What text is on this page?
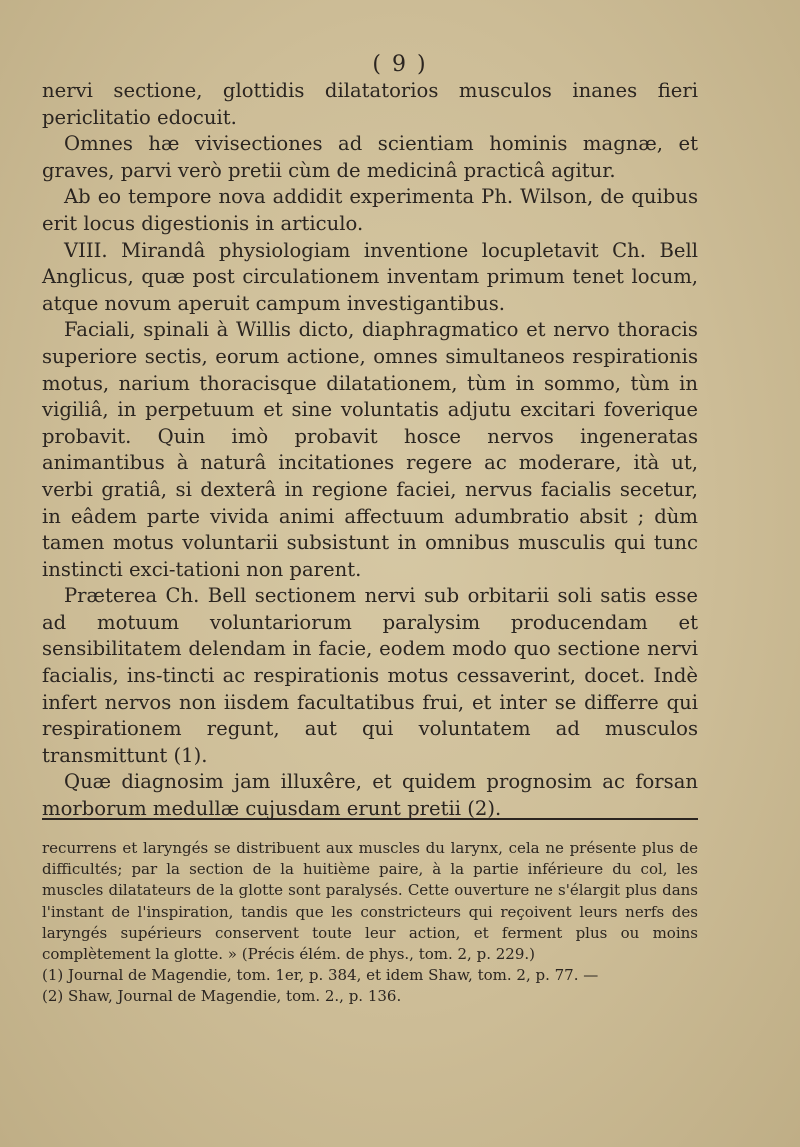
( 9 )

nervi sectione, glottidis dilatatorios musculos inanes fieri periclitatio edocuit.

Omnes hæ vivisectiones ad scientiam hominis magnæ, et graves, parvi verò pretii cùm de medicinâ practicâ agitur.

Ab eo tempore nova addidit experimenta Ph. Wilson, de quibus erit locus digestionis in articulo.

VIII. Mirandâ physiologiam inventione locupletavit Ch. Bell Anglicus, quæ post circulationem inventam primum tenet locum, atque novum aperuit campum investigantibus.

Faciali, spinali à Willis dicto, diaphragmatico et nervo thoracis superiore sectis, eorum actione, omnes simultaneos respirationis motus, narium thoracisque dilatationem, tùm in sommo, tùm in vigiliâ, in perpetuum et sine voluntatis adjutu excitari foverique probavit. Quin imò probavit hosce nervos ingeneratas animantibus à naturâ incitationes regere ac moderare, ità ut, verbi gratiâ, si dexterâ in regione faciei, nervus facialis secetur, in eâdem parte vivida animi affectuum adumbratio absit ; dùm tamen motus voluntarii subsistunt in omnibus musculis qui tunc instincti exci-tationi non parent.

Præterea Ch. Bell sectionem nervi sub orbitarii soli satis esse ad motuum voluntariorum paralysim producendam et sensibilitatem delendam in facie, eodem modo quo sectione nervi facialis, ins-tincti ac respirationis motus cessaverint, docet. Indè infert nervos non iisdem facultatibus frui, et inter se differre qui respirationem regunt, aut qui voluntatem ad musculos transmittunt (1).

Quæ diagnosim jam illuxêre, et quidem prognosim ac forsan morborum medullæ cujusdam erunt pretii (2).

recurrens et laryngés se distribuent aux muscles du larynx, cela ne présente plus de difficultés; par la section de la huitième paire, à la partie inférieure du col, les muscles dilatateurs de la glotte sont paralysés. Cette ouverture ne s'élargit plus dans l'instant de l'inspiration, tandis que les constricteurs qui reçoivent leurs nerfs des laryngés supérieurs conservent toute leur action, et ferment plus ou moins complètement la glotte. » (Précis élém. de phys., tom. 2, p. 229.)

(1) Journal de Magendie, tom. 1er, p. 384, et idem Shaw, tom. 2, p. 77. —

(2) Shaw, Journal de Magendie, tom. 2., p. 136.
